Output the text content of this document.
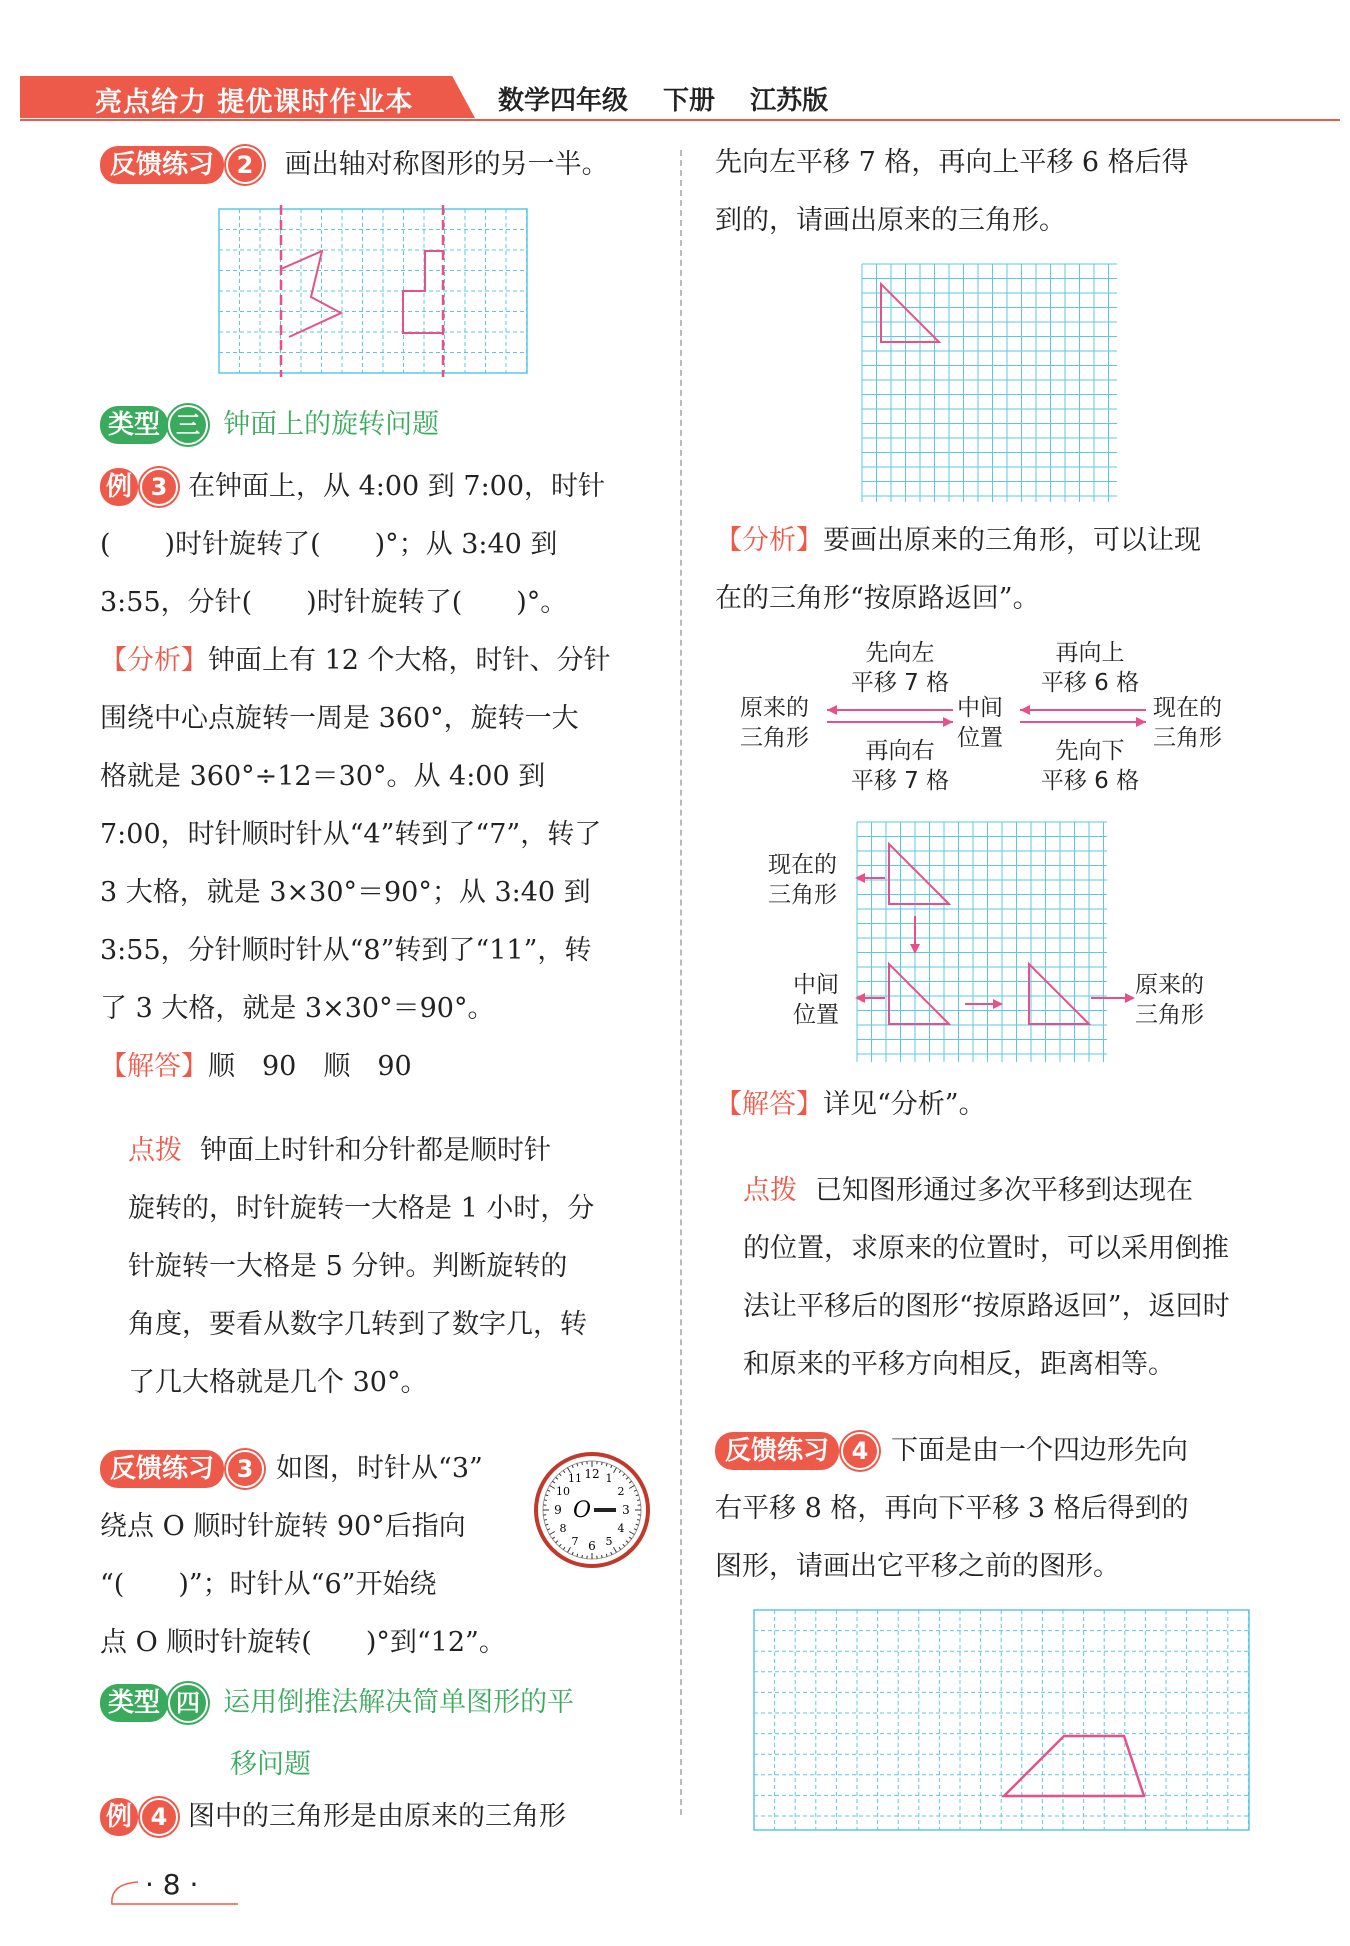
亮点给力 提优课时作业本	数学四年级 下册 江苏版
反馈练习 2 画出轴对称图形的另一半。
类型 三 钟面上的旋转问题
例 3 在钟面上，从 4:00 到 7:00，时针
(　　)时针旋转了(　　)°；从 3:40 到
3:55，分针(　　)时针旋转了(　　)°。
【分析】钟面上有 12 个大格，时针、分针
围绕中心点旋转一周是 360°，旋转一大
格就是 360°÷12＝30°。从 4:00 到
7:00，时针顺时针从“4”转到了“7”，转了
3 大格，就是 3×30°＝90°；从 3:40 到
3:55，分针顺时针从“8”转到了“11”，转
了 3 大格，就是 3×30°＝90°。
【解答】顺　90　顺　90
点拨 钟面上时针和分针都是顺时针
旋转的，时针旋转一大格是 1 小时，分
针旋转一大格是 5 分钟。判断旋转的
角度，要看从数字几转到了数字几，转
了几大格就是几个 30°。
反馈练习 3 如图，时针从“3”
绕点 O 顺时针旋转 90°后指向
“(　　)”；时针从“6”开始绕
点 O 顺时针旋转(　　)°到“12”。
12 1
2
3
4
5
6
7
8
9
10
11
O
类型 四 运用倒推法解决简单图形的平
移问题
例 4 图中的三角形是由原来的三角形
先向左平移 7 格，再向上平移 6 格后得
到的，请画出原来的三角形。
【分析】要画出原来的三角形，可以让现
在的三角形“按原路返回”。
原来的
三角形
先向左
平移 7 格
再向右
平移 7 格
中间
位置
再向上
平移 6 格
先向下
平移 6 格
现在的
三角形
现在的
三角形
中间
位置
原来的
三角形
【解答】详见“分析”。
点拨 已知图形通过多次平移到达现在
的位置，求原来的位置时，可以采用倒推
法让平移后的图形“按原路返回”，返回时
和原来的平移方向相反，距离相等。
反馈练习 4 下面是由一个四边形先向
右平移 8 格，再向下平移 3 格后得到的
图形，请画出它平移之前的图形。
· 8 ·
